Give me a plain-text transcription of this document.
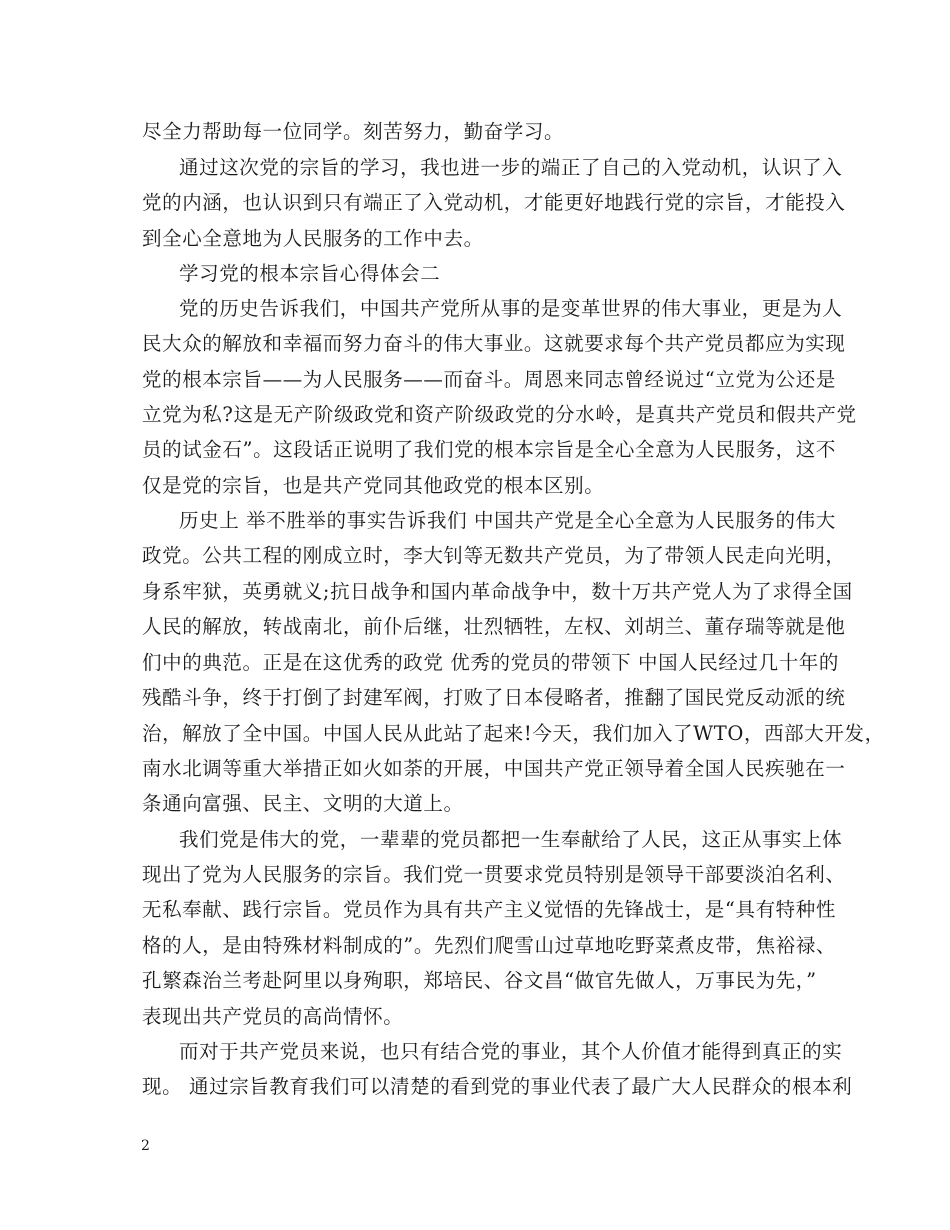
尽全力帮助每一位同学。刻苦努力，勤奋学习。
通过这次党的宗旨的学习，我也进一步的端正了自己的入党动机，认识了入
党的内涵，也认识到只有端正了入党动机，才能更好地践行党的宗旨，才能投入
到全心全意地为人民服务的工作中去。
学习党的根本宗旨心得体会二
党的历史告诉我们，中国共产党所从事的是变革世界的伟大事业，更是为人
民大众的解放和幸福而努力奋斗的伟大事业。这就要求每个共产党员都应为实现
党的根本宗旨——为人民服务——而奋斗。周恩来同志曾经说过“立党为公还是
立党为私?这是无产阶级政党和资产阶级政党的分水岭，是真共产党员和假共产党
员的试金石”。这段话正说明了我们党的根本宗旨是全心全意为人民服务，这不
仅是党的宗旨，也是共产党同其他政党的根本区别。
历史上 举不胜举的事实告诉我们 中国共产党是全心全意为人民服务的伟大
政党。公共工程的刚成立时，李大钊等无数共产党员，为了带领人民走向光明，
身系牢狱，英勇就义;抗日战争和国内革命战争中，数十万共产党人为了求得全国
人民的解放，转战南北，前仆后继，壮烈牺牲，左权、刘胡兰、董存瑞等就是他
们中的典范。正是在这优秀的政党 优秀的党员的带领下 中国人民经过几十年的
残酷斗争，终于打倒了封建军阀，打败了日本侵略者，推翻了国民党反动派的统
治，解放了全中国。中国人民从此站了起来!今天，我们加入了WTO，西部大开发，
南水北调等重大举措正如火如荼的开展，中国共产党正领导着全国人民疾驰在一
条通向富强、民主、文明的大道上。
我们党是伟大的党，一辈辈的党员都把一生奉献给了人民，这正从事实上体
现出了党为人民服务的宗旨。我们党一贯要求党员特别是领导干部要淡泊名利、
无私奉献、践行宗旨。党员作为具有共产主义觉悟的先锋战士，是“具有特种性
格的人，是由特殊材料制成的”。先烈们爬雪山过草地吃野菜煮皮带，焦裕禄、
孔繁森治兰考赴阿里以身殉职，郑培民、谷文昌“做官先做人，万事民为先，”
表现出共产党员的高尚情怀。
而对于共产党员来说，也只有结合党的事业，其个人价值才能得到真正的实
现。 通过宗旨教育我们可以清楚的看到党的事业代表了最广大人民群众的根本利
2
